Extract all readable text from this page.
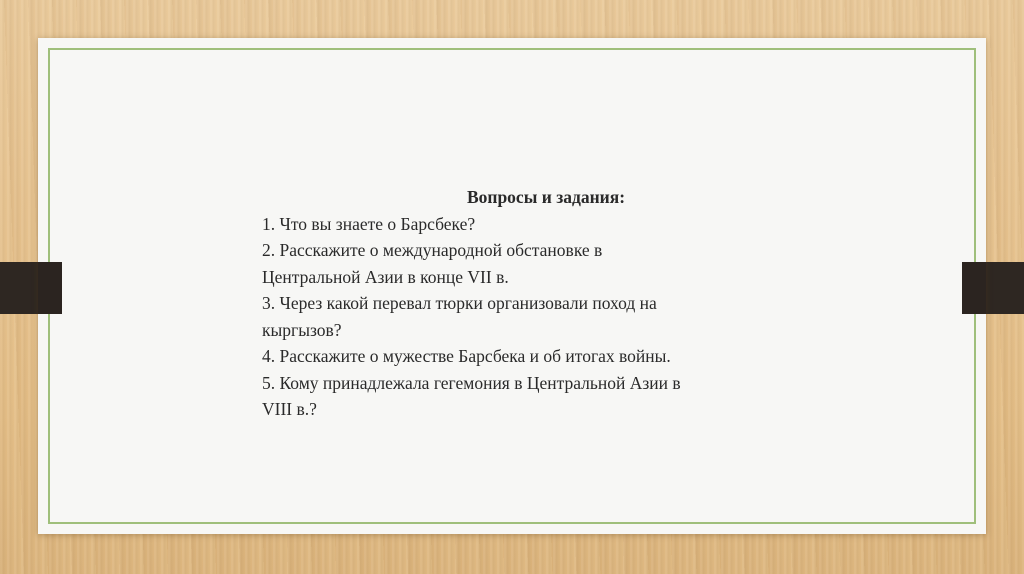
Вопросы и задания:
1. Что вы знаете о Барсбеке?
2. Расскажите о международной обстановке в
Центральной Азии в конце VII в.
3. Через какой перевал тюрки организовали поход на
кыргызов?
4. Расскажите о мужестве Барсбека и об итогах войны.
5. Кому принадлежала гегемония в Центральной Азии в
VIII в.?
